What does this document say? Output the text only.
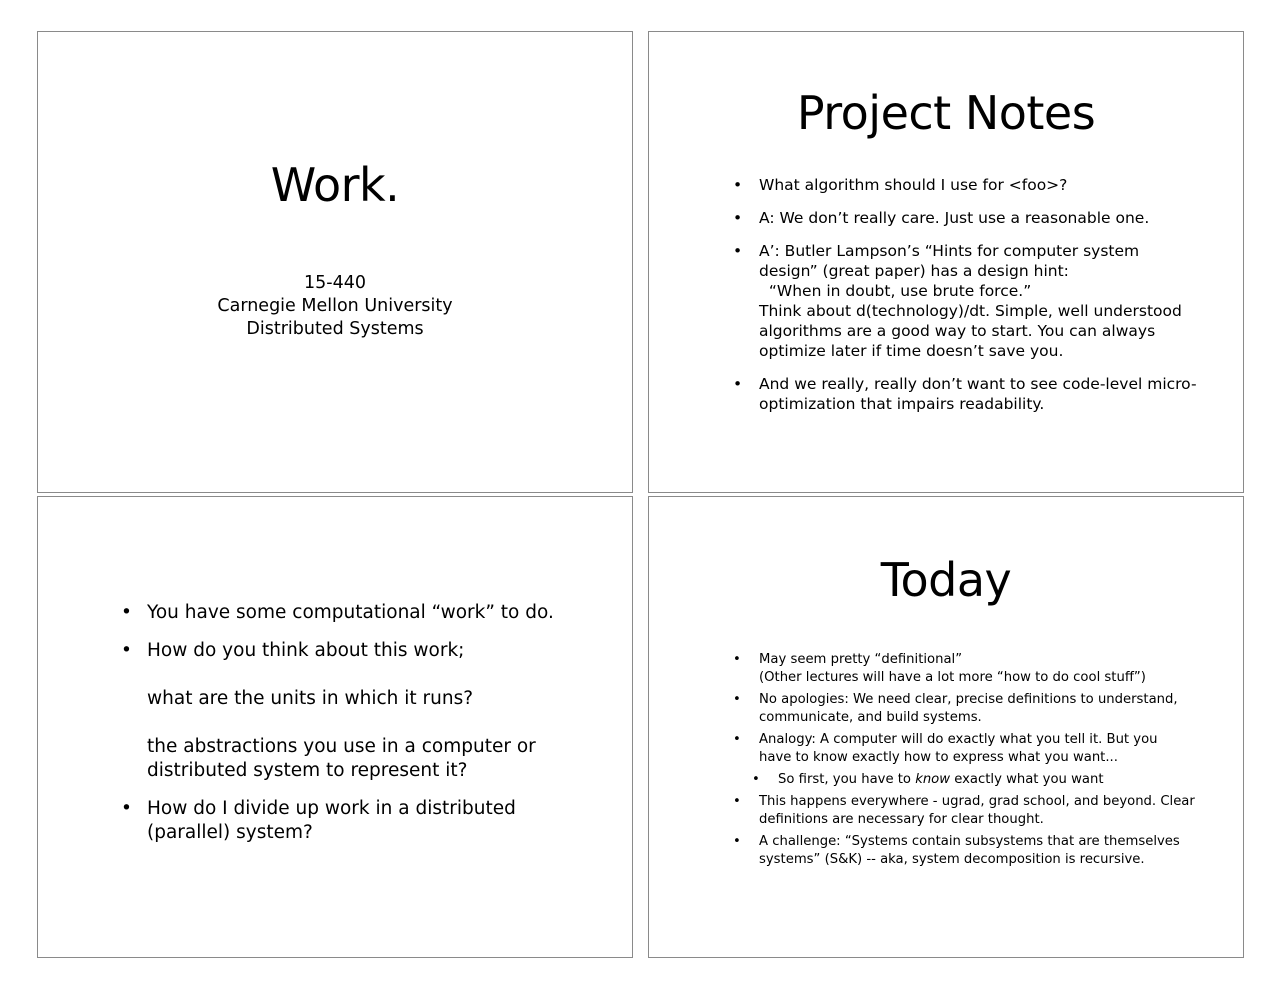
Work.
15-440
Carnegie Mellon University
Distributed Systems
Project Notes
• What algorithm should I use for <foo>?
• A: We don’t really care. Just use a reasonable one.
• A’: Butler Lampson’s “Hints for computer system
design” (great paper) has a design hint:
“When in doubt, use brute force.”
Think about d(technology)/dt. Simple, well understood
algorithms are a good way to start. You can always
optimize later if time doesn’t save you.
• And we really, really don’t want to see code-level micro-
optimization that impairs readability.
• You have some computational “work” to do.
• How do you think about this work;
what are the units in which it runs?
the abstractions you use in a computer or
distributed system to represent it?
• How do I divide up work in a distributed
(parallel) system?
Today
• May seem pretty “definitional”
(Other lectures will have a lot more “how to do cool stuff”)
• No apologies: We need clear, precise definitions to understand,
communicate, and build systems.
• Analogy: A computer will do exactly what you tell it. But you
have to know exactly how to express what you want...
• So first, you have to know exactly what you want
• This happens everywhere - ugrad, grad school, and beyond. Clear
definitions are necessary for clear thought.
• A challenge: “Systems contain subsystems that are themselves
systems” (S&K) -- aka, system decomposition is recursive.
